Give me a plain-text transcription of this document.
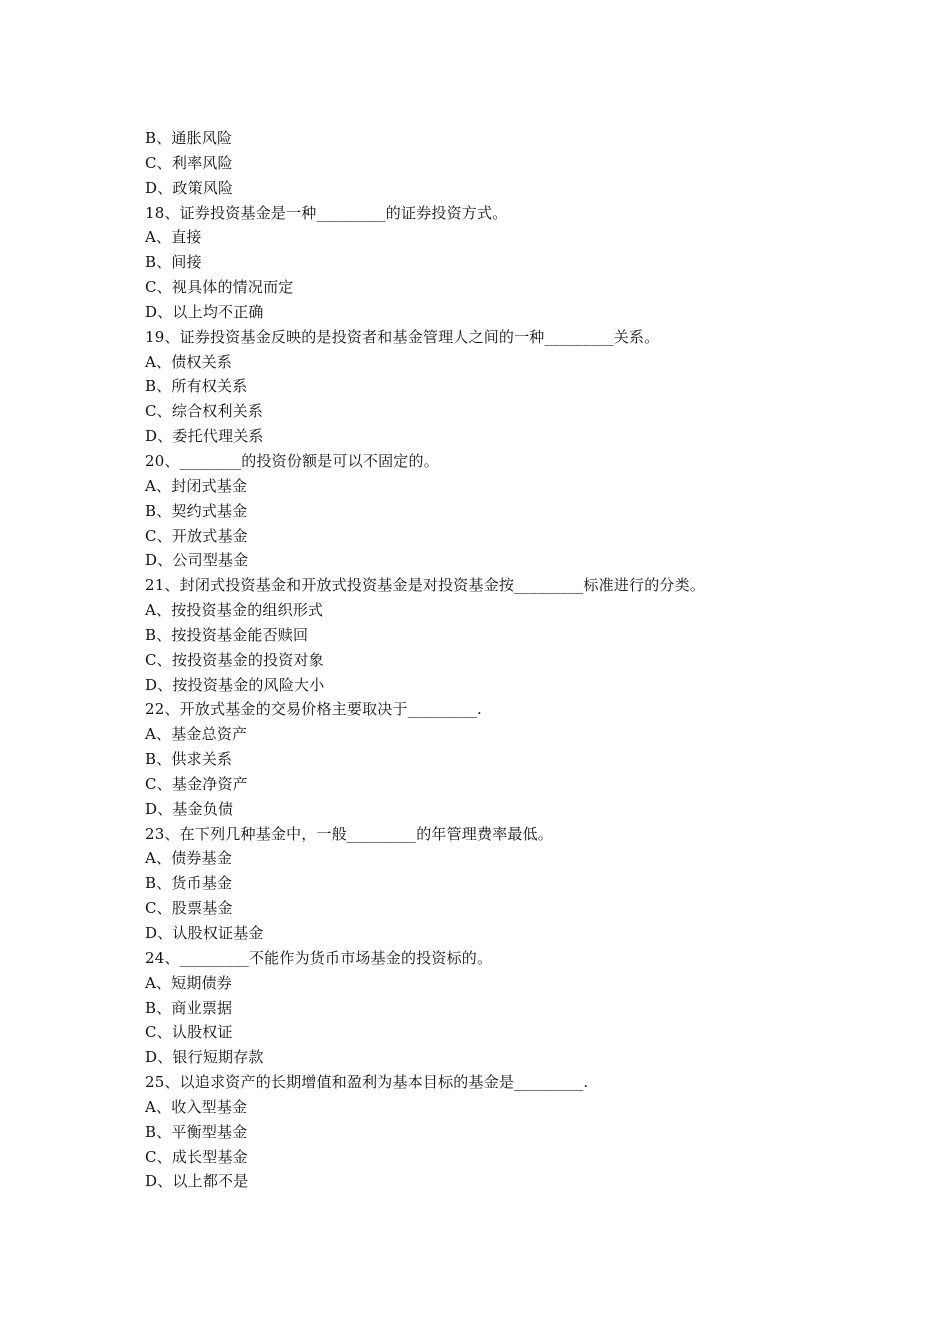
B、通胀风险
C、利率风险
D、政策风险
18、证券投资基金是一种_________的证券投资方式。
A、直接
B、间接
C、视具体的情况而定
D、以上均不正确
19、证券投资基金反映的是投资者和基金管理人之间的一种_________关系。
A、债权关系
B、所有权关系
C、综合权利关系
D、委托代理关系
20、________的投资份额是可以不固定的。
A、封闭式基金
B、契约式基金
C、开放式基金
D、公司型基金
21、封闭式投资基金和开放式投资基金是对投资基金按_________标准进行的分类。
A、按投资基金的组织形式
B、按投资基金能否赎回
C、按投资基金的投资对象
D、按投资基金的风险大小
22、开放式基金的交易价格主要取决于_________.
A、基金总资产
B、供求关系
C、基金净资产
D、基金负债
23、在下列几种基金中，一般_________的年管理费率最低。
A、债券基金
B、货币基金
C、股票基金
D、认股权证基金
24、_________不能作为货币市场基金的投资标的。
A、短期债券
B、商业票据
C、认股权证
D、银行短期存款
25、以追求资产的长期增值和盈利为基本目标的基金是_________.
A、收入型基金
B、平衡型基金
C、成长型基金
D、以上都不是
